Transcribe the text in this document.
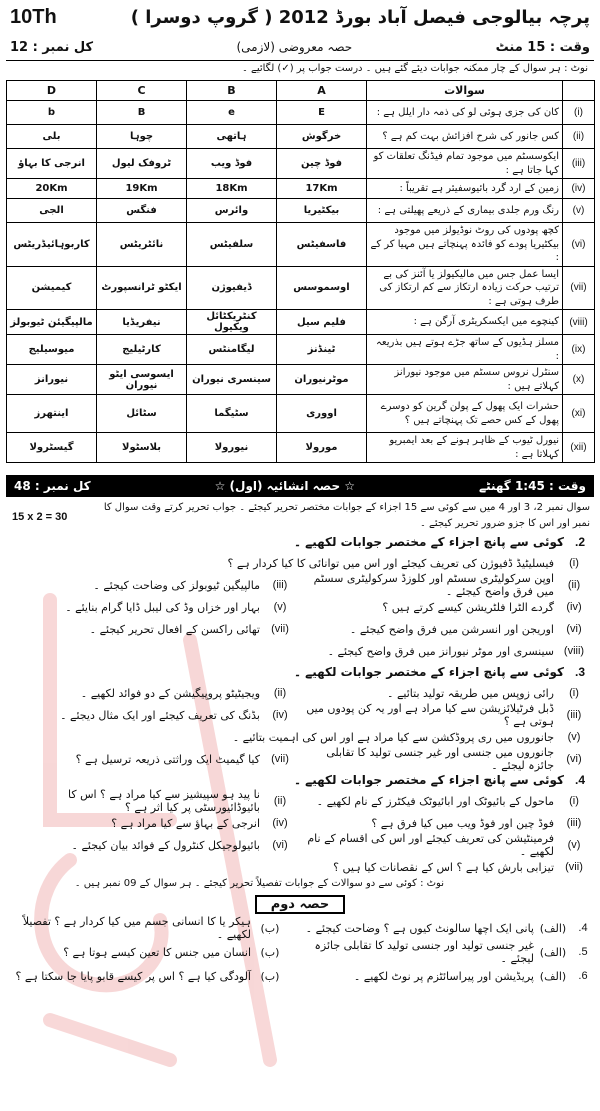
10Th	پرچہ بیالوجی فیصل آباد بورڈ 2012 ( گروپ دوسرا )
کل نمبر : 12	حصہ معروضی (لازمی)	وقت : 15 منٹ
نوٹ : ہر سوال کے چار ممکنہ جوابات دیئے گئے ہیں ۔ درست جواب پر (✓) لگائیے ۔
	سوالات	A	B	C	D
(i)	کان کی جزی ہوئی لو کی ذمہ دار ایلل ہے :	E	e	B	b
(ii)	کس جانور کی شرح افزائش بہت کم ہے ؟	خرگوش	ہاتھی	چوہا	بلی
(iii)	ایکوسسٹم میں موجود تمام فیڈنگ تعلقات کو کہا جاتا ہے :	فوڈ چین	فوڈ ویب	ٹروفک لیول	انرجی کا بہاؤ
(iv)	زمین کے ارد گرد بائیوسفیئر ہے تقریباً :	17Km	18Km	19Km	20Km
(v)	رنگ ورم جلدی بیماری کے ذریعے پھیلتی ہے :	بیکٹیریا	وائرس	فنگس	الجی
(vi)	کچھ پودوں کی روٹ نوڈیولز میں موجود بیکٹیریا پودے کو فائدہ پہنچاتے ہیں مہیا کر کے :	فاسفیٹس	سلفیٹس	نائٹریٹس	کاربوہائیڈریٹس
(vii)	ایسا عمل جس میں مالیکیولز یا آئنز کی بے ترتیب حرکت زیادہ ارتکاز سے کم ارتکاز کی طرف ہوتی ہے :	اوسموسس	ڈیفیوژن	ایکٹو ٹرانسپورٹ	کیمیشن
(viii)	کینچوے میں ایکسکریٹری آرگن ہے :	فلیم سیل	کنٹریکٹائل ویکیول	نیفریڈیا	مالپیگیئن ٹیوبولز
(ix)	مسلز ہڈیوں کے ساتھ جڑے ہوتے ہیں بذریعہ :	ٹینڈنز	لیگامنٹس	کارٹیلیج	میوسیلیج
(x)	سنٹرل نروس سسٹم میں موجود نیورانز کہلاتے ہیں :	موٹرنیوران	سینسری نیوران	ایسوسی ایٹو نیوران	نیورانز
(xi)	حشرات ایک پھول کے پولن گرین کو دوسرے پھول کے کس حصے تک پہنچاتے ہیں ؟	اووری	سٹیگما	سٹائل	اینتھرز
(xii)	نیورل ٹیوب کے ظاہر ہونے کے بعد ایمبریو کہلاتا ہے :	مورولا	نیورولا	بلاسٹولا	گیسٹرولا
کل نمبر : 48	☆ حصہ انشائیہ (اول) ☆	وقت : 1:45 گھنٹے
سوال نمبر 2، 3 اور 4 میں سے کوئی سے 15 اجزاء کے جوابات مختصر تحریر کیجئے ۔ جواب تحریر کرتے وقت سوال کا نمبر اور اس کا جزو ضرور تحریر کیجئے ۔
15 x 2 = 30
2.
کوئی سے پانچ اجزاء کے مختصر جوابات لکھیے ۔
(i)
فیسلیٹیڈ ڈفیوژن کی تعریف کیجئے اور اس میں توانائی کا کیا کردار ہے ؟
(ii)
اوپن سرکولیٹری سسٹم اور کلوزڈ سرکولیٹری سسٹم میں فرق واضح کیجئے ۔
(iii)
مالپیگین ٹیوبولز کی وضاحت کیجئے ۔
(iv)
گردے الٹرا فلٹریشن کیسے کرتے ہیں ؟
(v)
بہار اور خزاں وڈ کی لیبل ڈایا گرام بنایئے ۔
(vi)
اوریجن اور انسرشن میں فرق واضح کیجئے ۔
(vii)
تھائی راکسن کے افعال تحریر کیجئے ۔
(viii)
سینسری اور موٹر نیورانز میں فرق واضح کیجئے ۔
3.
کوئی سے پانچ اجزاء کے مختصر جوابات لکھیے ۔
(i)
رائی زوپس میں طریقہ تولید بتائیے ۔
(ii)
ویجیٹیٹو پروپیگیشن کے دو فوائد لکھیے ۔
(iii)
ڈبل فرٹیلائزیشن سے کیا مراد ہے اور یہ کن پودوں میں ہوتی ہے ؟
(iv)
بڈنگ کی تعریف کیجئے اور ایک مثال دیجئے ۔
(v)
جانوروں میں ری پروڈکشن سے کیا مراد ہے اور اس کی اہمیت بتائیے ۔
(vi)
جانوروں میں جنسی اور غیر جنسی تولید کا تقابلی جائزہ لیجئے ۔
(vii)
کیا گیمیٹ ایک وراثتی ذریعہ ترسیل ہے ؟
4.
کوئی سے پانچ اجزاء کے مختصر جوابات لکھیے ۔
(i)
ماحول کے بائیوٹک اور ابائیوٹک فیکٹرز کے نام لکھیے ۔
(ii)
نا پید ہو سپیشیز سے کیا مراد ہے ؟ اس کا بائیوڈائیورسٹی پر کیا اثر ہے ؟
(iii)
فوڈ چین اور فوڈ ویب میں کیا فرق ہے ؟
(iv)
انرجی کے بہاؤ سے کیا مراد ہے ؟
(v)
فرمینٹیشن کی تعریف کیجئے اور اس کی اقسام کے نام لکھیے ۔
(vi)
بائیولوجیکل کنٹرول کے فوائد بیان کیجئے ۔
(vii)
تیزابی بارش کیا ہے ؟ اس کے نقصانات کیا ہیں ؟
نوٹ : کوئی سے دو سوالات کے جوابات تفصیلاً تحریر کیجئے ۔ ہر سوال کے 09 نمبر ہیں ۔
حصہ دوم
4.
(الف)
پانی ایک اچھا سالونٹ کیوں ہے ؟ وضاحت کیجئے ۔
(ب)
ہیکر یا کا انسانی جسم میں کیا کردار ہے ؟ تفصیلاً لکھیے ۔
5.
(الف)
غیر جنسی تولید اور جنسی تولید کا تقابلی جائزہ لیجئے ۔
(ب)
انسان میں جنس کا تعین کیسے ہوتا ہے ؟
6.
(الف)
پریڈیشن اور پیراسائٹزم پر نوٹ لکھیے ۔
(ب)
آلودگی کیا ہے ؟ اس پر کیسے قابو پایا جا سکتا ہے ؟
